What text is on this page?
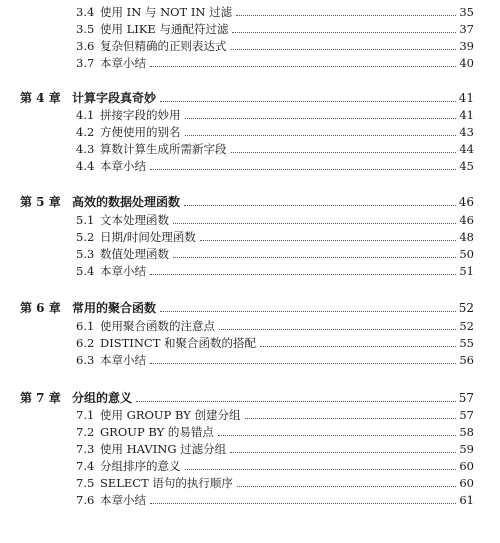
3.4 使用 IN 与 NOT IN 过滤	35
3.5 使用 LIKE 与通配符过滤	37
3.6 复杂但精确的正则表达式	39
3.7 本章小结	40
第 4 章 计算字段真奇妙	41
4.1 拼接字段的妙用	41
4.2 方便使用的别名	43
4.3 算数计算生成所需新字段	44
4.4 本章小结	45
第 5 章 高效的数据处理函数	46
5.1 文本处理函数	46
5.2 日期/时间处理函数	48
5.3 数值处理函数	50
5.4 本章小结	51
第 6 章 常用的聚合函数	52
6.1 使用聚合函数的注意点	52
6.2 DISTINCT 和聚合函数的搭配	55
6.3 本章小结	56
第 7 章 分组的意义	57
7.1 使用 GROUP BY 创建分组	57
7.2 GROUP BY 的易错点	58
7.3 使用 HAVING 过滤分组	59
7.4 分组排序的意义	60
7.5 SELECT 语句的执行顺序	60
7.6 本章小结	61
